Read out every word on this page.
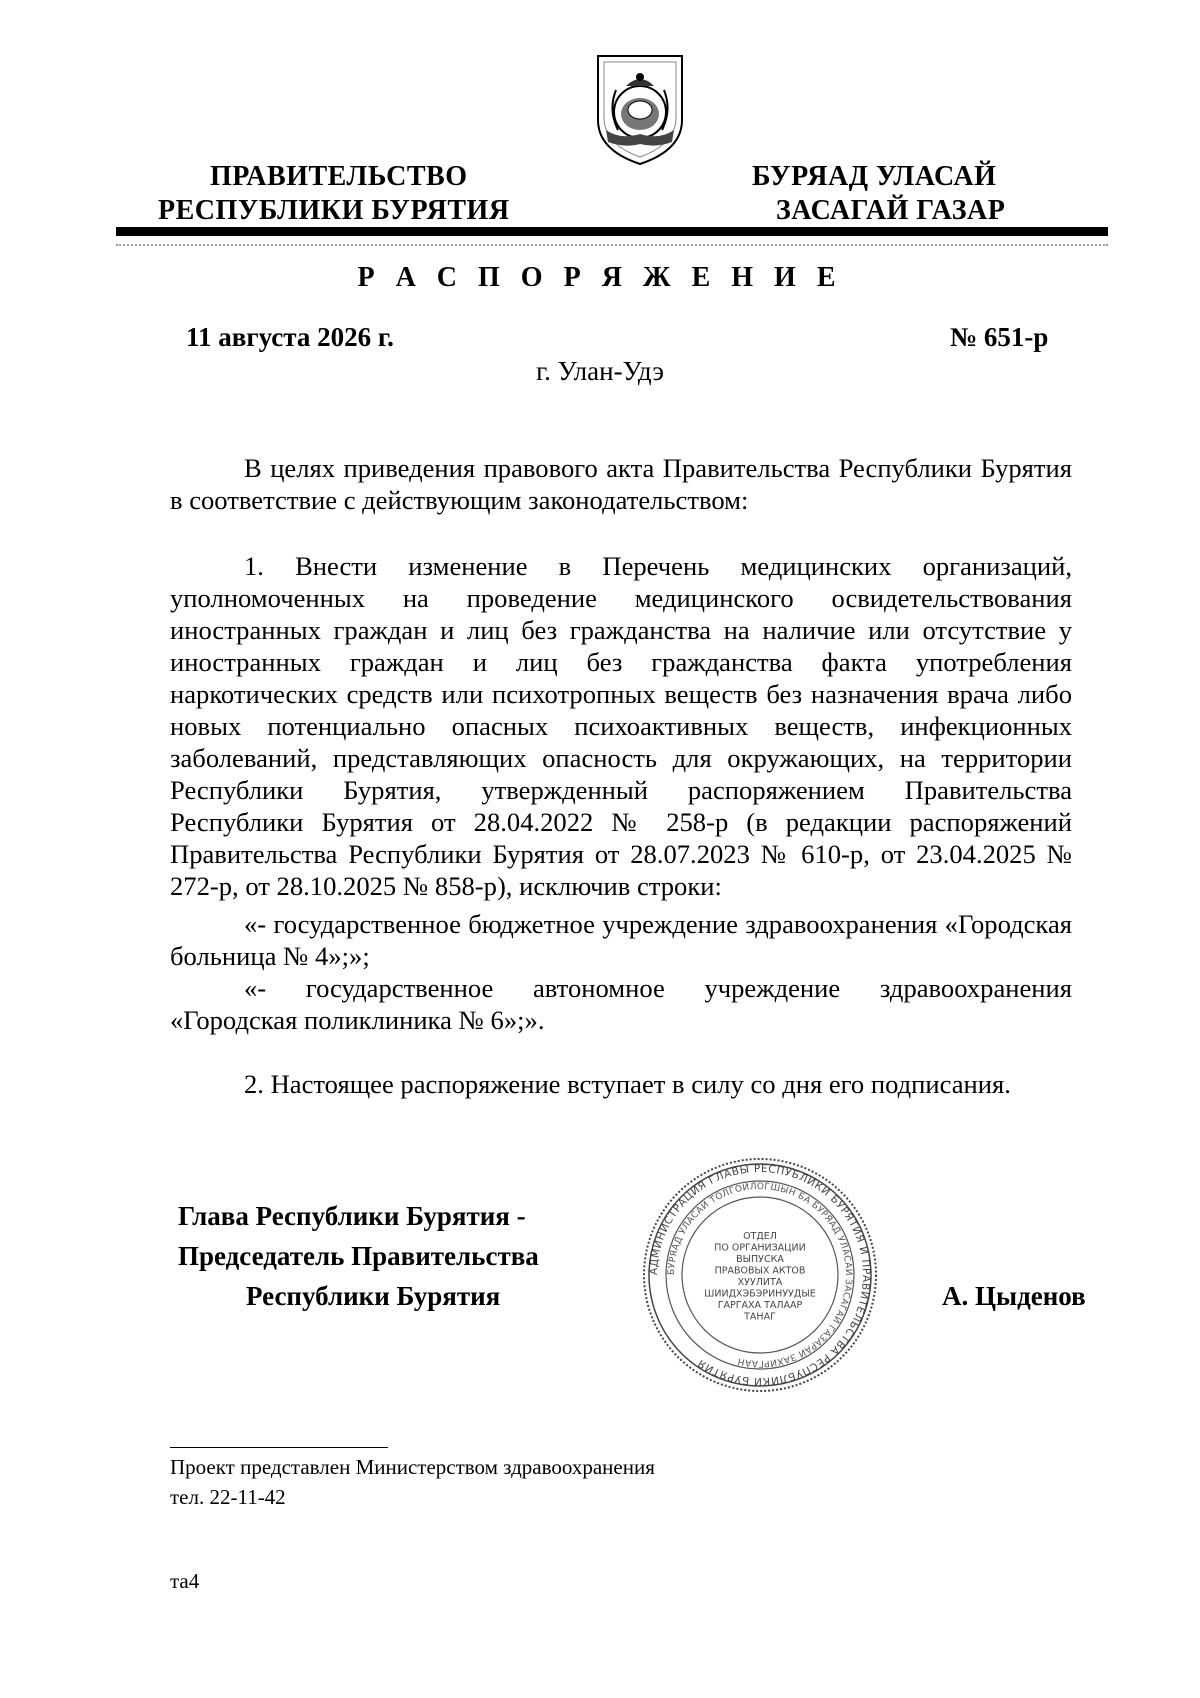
ПРАВИТЕЛЬСТВО
РЕСПУБЛИКИ БУРЯТИЯ
БУРЯАД УЛАСАЙ
ЗАСАГАЙ ГАЗАР
Р А С П О Р Я Ж Е Н И Е
11 августа 2026 г.	№ 651-р
г. Улан-Удэ

В целях приведения правового акта Правительства Республики Бурятия в соответствие с действующим законодательством:

1. Внести изменение в Перечень медицинских организаций, уполномоченных на проведение медицинского освидетельствования иностранных граждан и лиц без гражданства на наличие или отсутствие у иностранных граждан и лиц без гражданства факта употребления наркотических средств или психотропных веществ без назначения врача либо новых потенциально опасных психоактивных веществ, инфекционных заболеваний, представляющих опасность для окружающих, на территории Республики Бурятия, утвержденный распоряжением Правительства Республики Бурятия от 28.04.2022 № 258-р (в редакции распоряжений Правительства Республики Бурятия от 28.07.2023 № 610-р, от 23.04.2025 № 272-р, от 28.10.2025 № 858-р), исключив строки:

«- государственное бюджетное учреждение здравоохранения «Городская больница № 4»;»;

«- государственное автономное учреждение здравоохранения «Городская поликлиника № 6»;».

2. Настоящее распоряжение вступает в силу со дня его подписания.

Глава Республики Бурятия -
Председатель Правительства
Республики Бурятия	А. Цыденов
АДМИНИСТРАЦИЯ ГЛАВЫ РЕСПУБЛИКИ БУРЯТИЯ И ПРАВИТЕЛЬСТВА РЕСПУБЛИКИ БУРЯТИЯ
БУРЯАД УЛАСАЙ ТОЛГОЙЛОГШЫН БА БУРЯАД УЛАСАЙ ЗАСАГАЙ ГАЗАРАЙ ЗАХИРГААН
ОТДЕЛ
ПО ОРГАНИЗАЦИИ
ВЫПУСКА
ПРАВОВЫХ АКТОВ
ХУУЛИТА
ШИИДХЭБЭРИНУУДЫЕ
ГАРГАХА ТАЛААР
ТАНАГ
Проект представлен Министерством здравоохранения
тел. 22-11-42
та4
